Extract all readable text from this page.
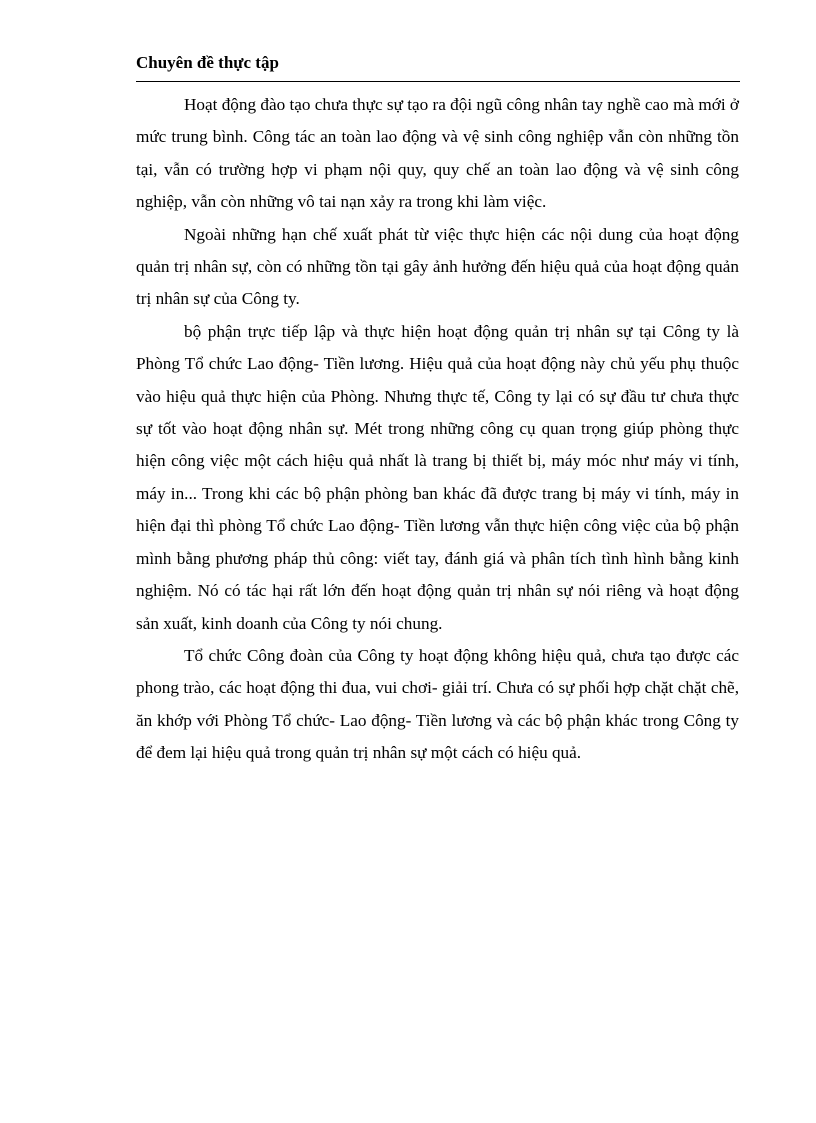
Chuyên đề thực tập

Hoạt động đào tạo chưa thực sự tạo ra đội ngũ công nhân tay nghề cao mà mới ở mức trung bình. Công tác an toàn lao động và vệ sinh công nghiệp vẫn còn những tồn tại, vẫn có trường hợp vi phạm nội quy, quy chế an toàn lao động và vệ sinh công nghiệp, vẫn còn những vô tai nạn xảy ra trong khi làm việc.

Ngoài những hạn chế xuất phát từ việc thực hiện các nội dung của hoạt động quản trị nhân sự, còn có những tồn tại gây ảnh hưởng đến hiệu quả của hoạt động quản trị nhân sự của Công ty.

bộ phận trực tiếp lập và thực hiện hoạt động quản trị nhân sự tại Công ty là Phòng Tổ chức Lao động- Tiền lương. Hiệu quả của hoạt động này chủ yếu phụ thuộc vào hiệu quả thực hiện của Phòng. Nhưng thực tế, Công ty lại có sự đầu tư chưa thực sự tốt vào hoạt động nhân sự. Mét trong những công cụ quan trọng giúp phòng thực hiện công việc một cách hiệu quả nhất là trang bị thiết bị, máy móc như máy vi tính, máy in... Trong khi các bộ phận phòng ban khác đã được trang bị máy vi tính, máy in hiện đại thì phòng Tổ chức Lao động- Tiền lương vẫn thực hiện công việc của bộ phận mình bằng phương pháp thủ công: viết tay, đánh giá và phân tích tình hình bằng kinh nghiệm. Nó có tác hại rất lớn đến hoạt động quản trị nhân sự nói riêng và hoạt động sản xuất, kinh doanh của Công ty nói chung.

Tổ chức Công đoàn của Công ty hoạt động không hiệu quả, chưa tạo được các phong trào, các hoạt động thi đua, vui chơi- giải trí. Chưa có sự phối hợp chặt chặt chẽ, ăn khớp với Phòng Tổ chức- Lao động- Tiền lương và các bộ phận khác trong Công ty để đem lại hiệu quả trong quản trị nhân sự một cách có hiệu quả.
